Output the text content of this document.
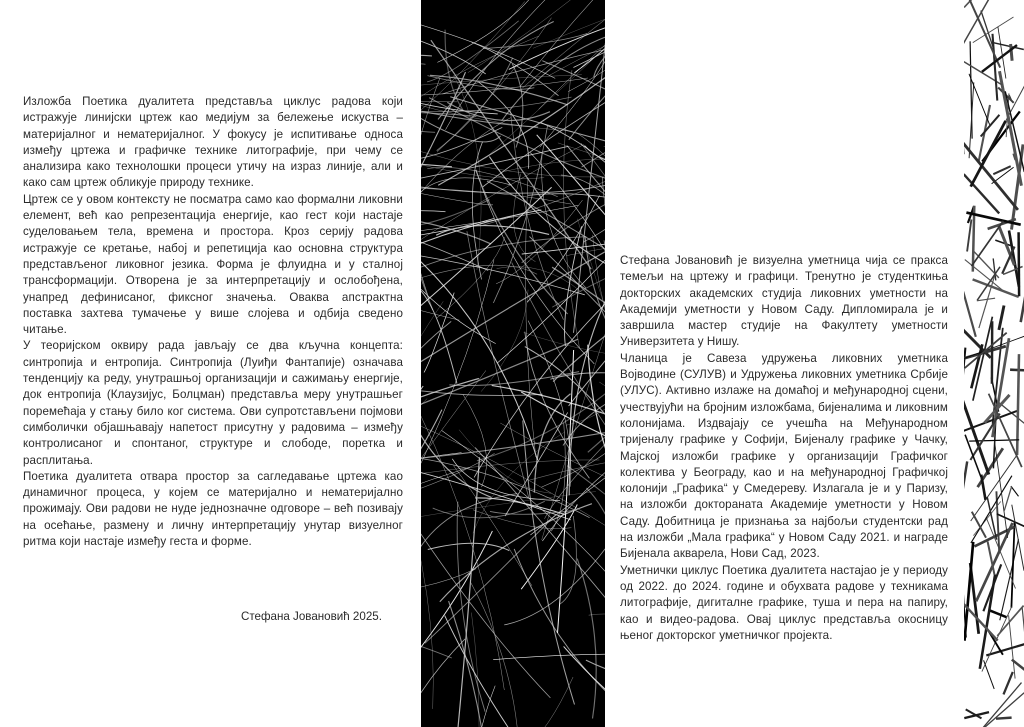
Изложба Поетика дуалитета представља циклус радова који истражује линијски цртеж као медијум за бележење искуства – материјалног и нематеријалног. У фокусу је испитивање односа између цртежа и графичке технике литографије, при чему се анализира како технолошки процеси утичу на израз линије, али и како сам цртеж обликује природу технике.

Цртеж се у овом контексту не посматра само као формални ликовни елемент, већ као репрезентација енергије, као гест који настаје суделовањем тела, времена и простора. Кроз серију радова истражује се кретање, набој и репетиција као основна структура представљеног ликовног језика. Форма је флуидна и у сталној трансформацији. Отворена је за интерпретацију и ослобођена, унапред дефинисаног, фиксног значења. Оваква апстрактна поставка захтева тумачење у више слојева и одбија сведено читање.

У теоријском оквиру рада јављају се два кључна концепта: синтропија и ентропија. Синтропија (Луиђи Фантапије) означава тенденцију ка реду, унутрашњој организацији и сажимању енергије, док ентропија (Клаузијус, Болцман) представља меру унутрашњег поремећаја у стању било ког система. Ови супротстављени појмови симболички објашњавају напетост присутну у радовима – између контролисаног и спонтаног, структуре и слободе, поретка и расплитања.

Поетика дуалитета отвара простор за сагледавање цртежа као динамичног процеса, у којем се материјално и нематеријално прожимају. Ови радови не нуде једнозначне одговоре – већ позивају на осећање, размену и личну интерпретацију унутар визуелног ритма који настаје између геста и форме.

Стефана Јовановић 2025.

Стефана Јовановић је визуелна уметница чија се пракса темељи на цртежу и графици. Тренутно је студенткиња докторских академских студија ликовних уметности на Академији уметности у Новом Саду. Дипломирала је и завршила мастер студије на Факултету уметности Универзитета у Нишу.

Чланица је Савеза удружења ликовних уметника Војводине (СУЛУВ) и Удружења ликовних уметника Србије (УЛУС). Активно излаже на домаћој и међународној сцени, учествујући на бројним изложбама, бијеналима и ликовним колонијама. Издвајају се учешћа на Међународном тријеналу графике у Софији, Бијеналу графике у Чачку, Мајској изложби графике у организацији Графичког колектива у Београду, као и на међународној Графичкој колонији „Графика“ у Смедереву. Излагала је и у Паризу, на изложби доктораната Академије уметности у Новом Саду. Добитница је признања за најбољи студентски рад на изложби „Мала графика“ у Новом Саду 2021. и награде Бијенала акварела, Нови Сад, 2023.

Уметнички циклус Поетика дуалитета настајао је у периоду од 2022. до 2024. године и обухвата радове у техникама литографије, дигиталне графике, туша и пера на папиру, као и видео-радова. Овај циклус представља окосницу њеног докторског уметничког пројекта.
